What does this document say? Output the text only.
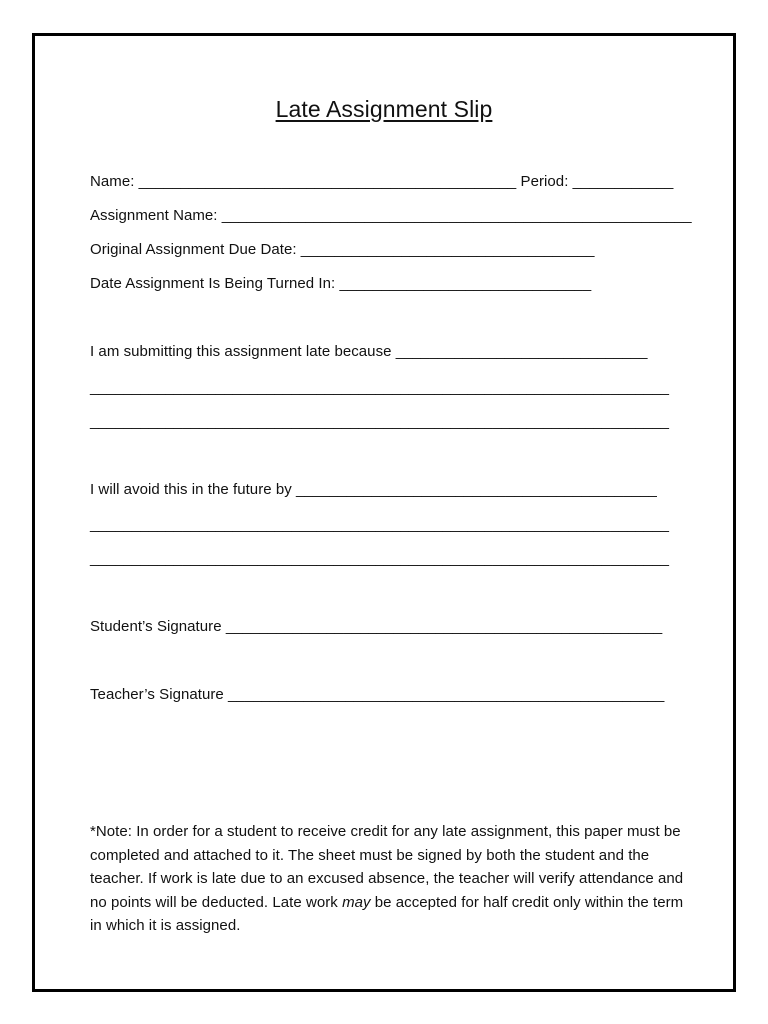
Late Assignment Slip
Name: _____________________________________________ Period: ____________
Assignment Name: ________________________________________________________
Original Assignment Due Date: ___________________________________
Date Assignment Is Being Turned In: ______________________________
I am submitting this assignment late because ______________________________
_____________________________________________________________________
_____________________________________________________________________
I will avoid this in the future by ___________________________________________
_____________________________________________________________________
_____________________________________________________________________
Student’s Signature ____________________________________________________
Teacher’s Signature ____________________________________________________
*Note: In order for a student to receive credit for any late assignment, this paper must be completed and attached to it. The sheet must be signed by both the student and the teacher. If work is late due to an excused absence, the teacher will verify attendance and no points will be deducted. Late work may be accepted for half credit only within the term in which it is assigned.
